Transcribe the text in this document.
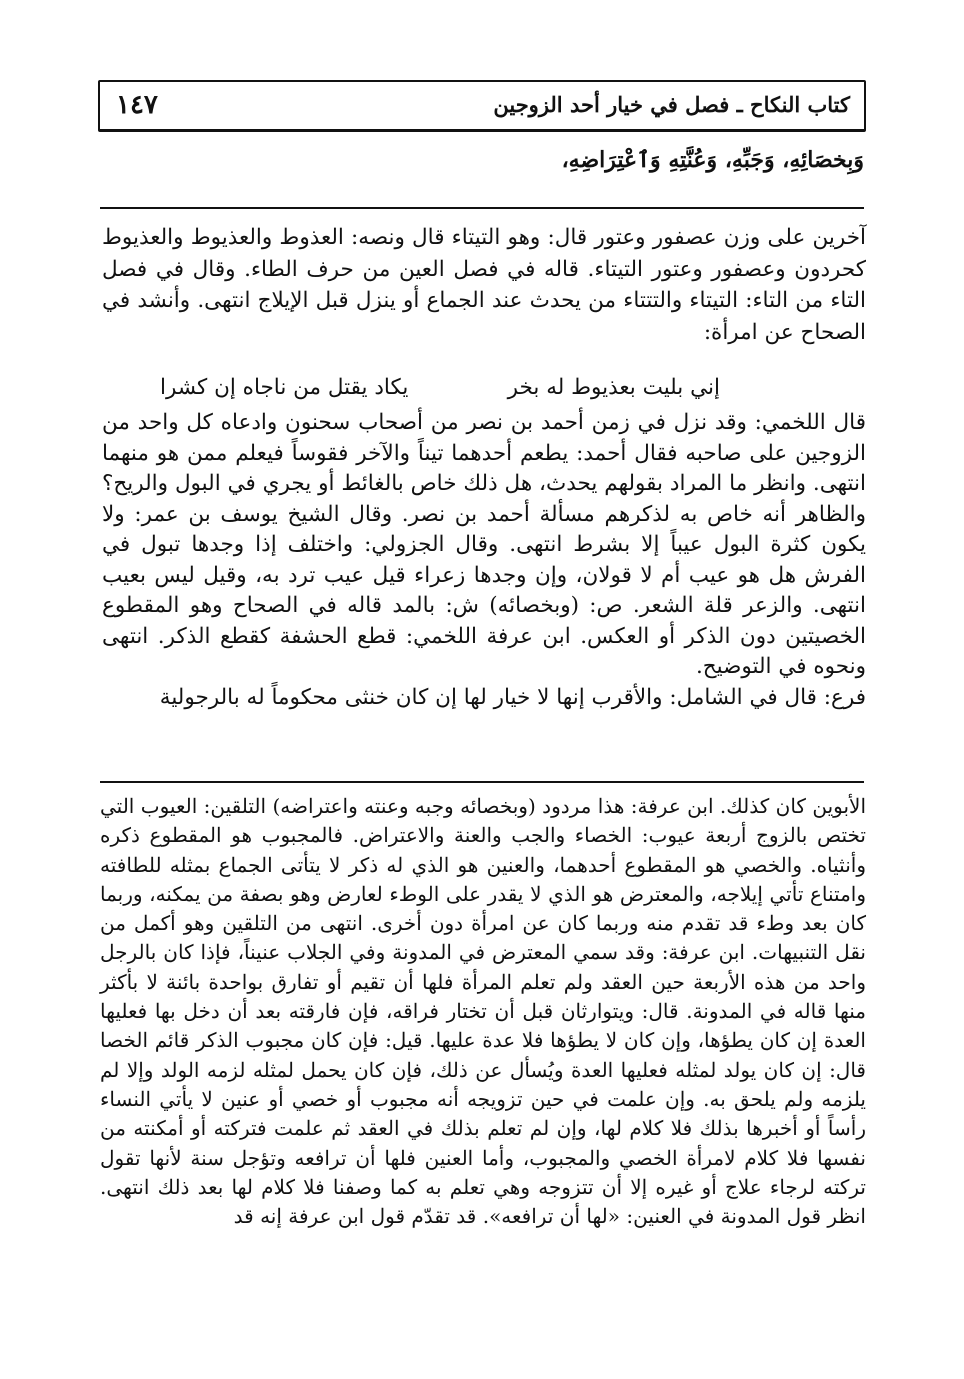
كتاب النكاح ـ فصل في خيار أحد الزوجين
١٤٧
وَبِخصَائِهِ، وَجَبِّهِ، وَعُنَّتِهِ وَٱعْتِرَاضِهِ،

آخرين على وزن عصفور وعتور قال: وهو التيتاء قال ونصه: العذوط والعذيوط والعذيوط كحردون وعصفور وعتور التيتاء. قاله في فصل العين من حرف الطاء. وقال في فصل التاء من التاء: التيتاء والتتتاء من يحدث عند الجماع أو ينزل قبل الإيلاج انتهى. وأنشد في الصحاح عن امرأة:

إني بليت بعذيوط له بخر
يكاد يقتل من ناجاه إن كشرا

قال اللخمي: وقد نزل في زمن أحمد بن نصر من أصحاب سحنون وادعاه كل واحد من الزوجين على صاحبه فقال أحمد: يطعم أحدهما تيناً والآخر فقوساً فيعلم ممن هو منهما انتهى. وانظر ما المراد بقولهم يحدث، هل ذلك خاص بالغائط أو يجري في البول والريح؟ والظاهر أنه خاص به لذكرهم مسألة أحمد بن نصر. وقال الشيخ يوسف بن عمر: ولا يكون كثرة البول عيباً إلا بشرط انتهى. وقال الجزولي: واختلف إذا وجدها تبول في الفرش هل هو عيب أم لا قولان، وإن وجدها زعراء قيل عيب ترد به، وقيل ليس بعيب انتهى. والزعر قلة الشعر. ص: (وبخصائه) ش: بالمد قاله في الصحاح وهو المقطوع الخصيتين دون الذكر أو العكس. ابن عرفة اللخمي: قطع الحشفة كقطع الذكر. انتهى ونحوه في التوضيح.

فرع: قال في الشامل: والأقرب إنها لا خيار لها إن كان خنثى محكوماً له بالرجولية

الأبوين كان كذلك. ابن عرفة: هذا مردود (وبخصائه وجبه وعنته واعتراضه) التلقين: العيوب التي تختص بالزوج أربعة عيوب: الخصاء والجب والعنة والاعتراض. فالمجبوب هو المقطوع ذكره وأنثياه. والخصي هو المقطوع أحدهما، والعنين هو الذي له ذكر لا يتأتى الجماع بمثله للطافته وامتناع تأتي إيلاجه، والمعترض هو الذي لا يقدر على الوطء لعارض وهو بصفة من يمكنه، وربما كان بعد وطء قد تقدم منه وربما كان عن امرأة دون أخرى. انتهى من التلقين وهو أكمل من نقل التنبيهات. ابن عرفة: وقد سمي المعترض في المدونة وفي الجلاب عنيناً، فإذا كان بالرجل واحد من هذه الأربعة حين العقد ولم تعلم المرأة فلها أن تقيم أو تفارق بواحدة بائنة لا بأكثر منها قاله في المدونة. قال: ويتوارثان قبل أن تختار فراقه، فإن فارقته بعد أن دخل بها فعليها العدة إن كان يطؤها، وإن كان لا يطؤها فلا عدة عليها. قيل: فإن كان مجبوب الذكر قائم الخصا قال: إن كان يولد لمثله فعليها العدة ويُسأل عن ذلك، فإن كان يحمل لمثله لزمه الولد وإلا لم يلزمه ولم يلحق به. وإن علمت في حين تزويجه أنه مجبوب أو خصي أو عنين لا يأتي النساء رأساً أو أخبرها بذلك فلا كلام لها، وإن لم تعلم بذلك في العقد ثم علمت فتركته أو أمكنته من نفسها فلا كلام لامرأة الخصي والمجبوب، وأما العنين فلها أن ترافعه وتؤجل سنة لأنها تقول تركته لرجاء علاج أو غيره إلا أن تتزوجه وهي تعلم به كما وصفنا فلا كلام لها بعد ذلك انتهى. انظر قول المدونة في العنين: «لها أن ترافعه». قد تقدّم قول ابن عرفة إنه قد
